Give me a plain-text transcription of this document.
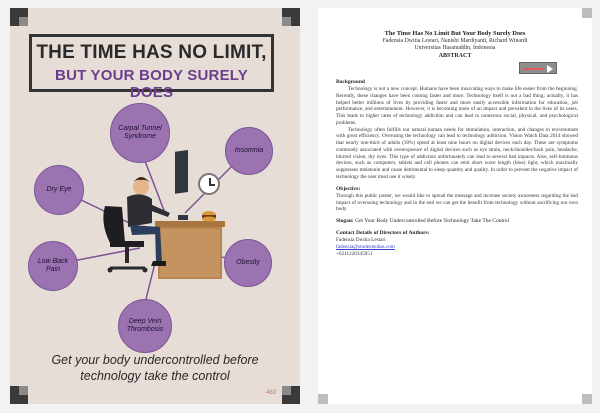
THE TIME HAS NO LIMIT,
BUT YOUR BODY SURELY DOES
Carpal Tunnel Syndrome
Insomnia
Dry Eye
Low Back Pain
Obesity
Deep Vein Thrombosis
Get your body undercontrolled before
technology take the control
483
The Time Has No Limit But Your Body Surely Does
Fadensia Dwitia Lestari, Nanishi Mardiyanti, Richard Winardi
Universitas Hasanuddin, Indonesia
ABSTRACT
Background

Technology is not a new concept. Humans have been innovating ways to make life easier from the beginning. Recently, these changes have been coming faster and more. Technology itself is not a bad thing; actually, it has helped better millions of lives by providing faster and more easily accessible information for education, job performance, and entertainment. However, it is becoming more of an impact and prevalent in the lives of its users. This leads to higher rates of technology addiction and can lead to numerous social, physical, and psychological problems.

Technology often fulfills our natural human needs for stimulation, interaction, and changes in environment with great efficiency. Overusing the technology can lead to technology addiction. Vision Watch Data 2014 showed that nearly one-third of adults (30%) spend at least nine hours on digital devices each day. These are symptoms commonly associated with overexposure of digital devices such as eye strain, neck/shoulder/back pain, headache, blurred vision, dry eyes. This type of addiction unfortunately can lead to several bad impacts. Also, self-luminous devices, such as computers, tablets and cell phones can emit short wave length (blue) light, which maximally suppresses melatonin and cause detrimental to sleep quantity and quality. In order to prevent the negative impact of technology the user must use it wisely.

Objective:

Through this public poster, we would like to spread the message and increase society awareness regarding the bad impact of overusing technology and in the end we can get the benefit from technology without sacrificing our own body.

Slogan: Get Your Body Undercontrolled Before Technology Take The Control
Contact Details of Directors of Authors:
Fadensia Dwitia Lestari
fadensia@studentsuhas.com
+6211220345951
